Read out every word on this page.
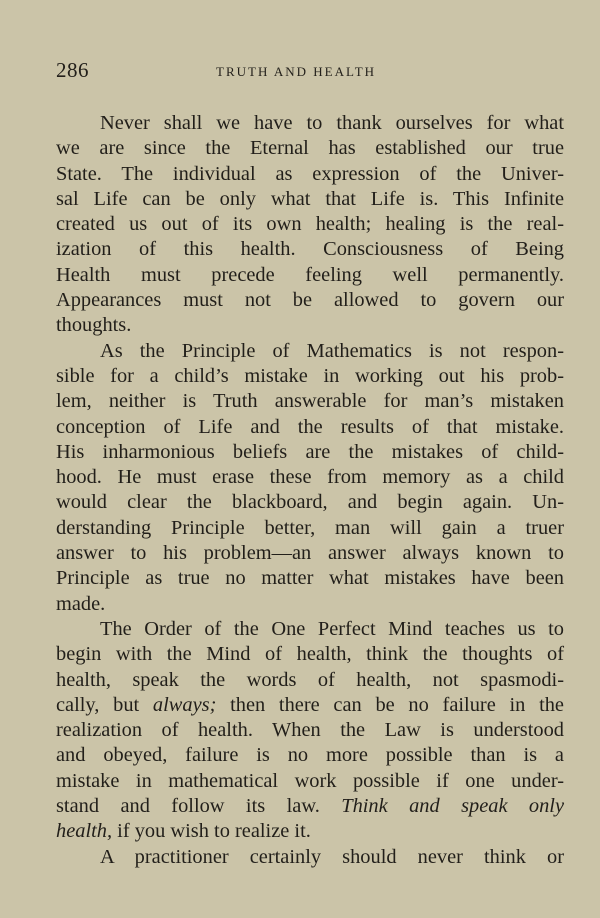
286	TRUTH AND HEALTH
Never shall we have to thank ourselves for what
we are since the Eternal has established our true
State. The individual as expression of the Univer-
sal Life can be only what that Life is. This Infinite
created us out of its own health; healing is the real-
ization of this health. Consciousness of Being
Health must precede feeling well permanently.
Appearances must not be allowed to govern our
thoughts.
As the Principle of Mathematics is not respon-
sible for a child’s mistake in working out his prob-
lem, neither is Truth answerable for man’s mistaken
conception of Life and the results of that mistake.
His inharmonious beliefs are the mistakes of child-
hood. He must erase these from memory as a child
would clear the blackboard, and begin again. Un-
derstanding Principle better, man will gain a truer
answer to his problem—an answer always known to
Principle as true no matter what mistakes have been
made.
The Order of the One Perfect Mind teaches us to
begin with the Mind of health, think the thoughts of
health, speak the words of health, not spasmodi-
cally, but always; then there can be no failure in the
realization of health. When the Law is understood
and obeyed, failure is no more possible than is a
mistake in mathematical work possible if one under-
stand and follow its law. Think and speak only
health, if you wish to realize it.
A practitioner certainly should never think or
